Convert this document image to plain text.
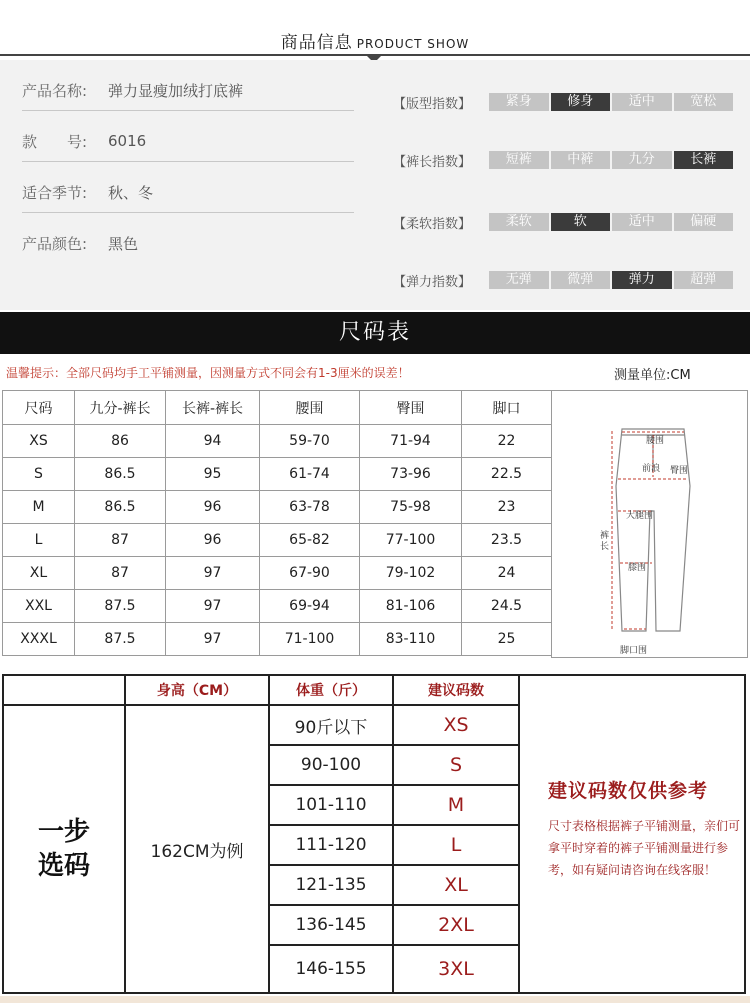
商品信息 PRODUCT SHOW
产品名称:	弹力显瘦加绒打底裤
款　　号:	6016
适合季节:	秋、冬
产品颜色:	黑色
【版型指数】	紧身	修身	适中	宽松
【裤长指数】	短裤	中裤	九分	长裤
【柔软指数】	柔软	软	适中	偏硬
【弹力指数】	无弹	微弹	弹力	超弹
尺码表
温馨提示：全部尺码均手工平铺测量，因测量方式不同会有1-3厘米的误差！	测量单位:CM
尺码	九分-裤长	长裤-裤长	腰围	臀围	脚口
XS	86	94	59-70	71-94	22
S	86.5	95	61-74	73-96	22.5
M	86.5	96	63-78	75-98	23
L	87	96	65-82	77-100	23.5
XL	87	97	67-90	79-102	24
XXL	87.5	97	69-94	81-106	24.5
XXXL	87.5	97	71-100	83-110	25
腰围
前浪 臀围
大腿围
裤长
膝围
脚口围
身高（CM）	体重（斤）	建议码数
一步选码	162CM为例
90斤以下	XS
90-100	S
101-110	M
111-120	L
121-135	XL
136-145	2XL
146-155	3XL
建议码数仅供参考
尺寸表格根据裤子平铺测量，亲们可拿平时穿着的裤子平铺测量进行参考，如有疑问请咨询在线客服！
